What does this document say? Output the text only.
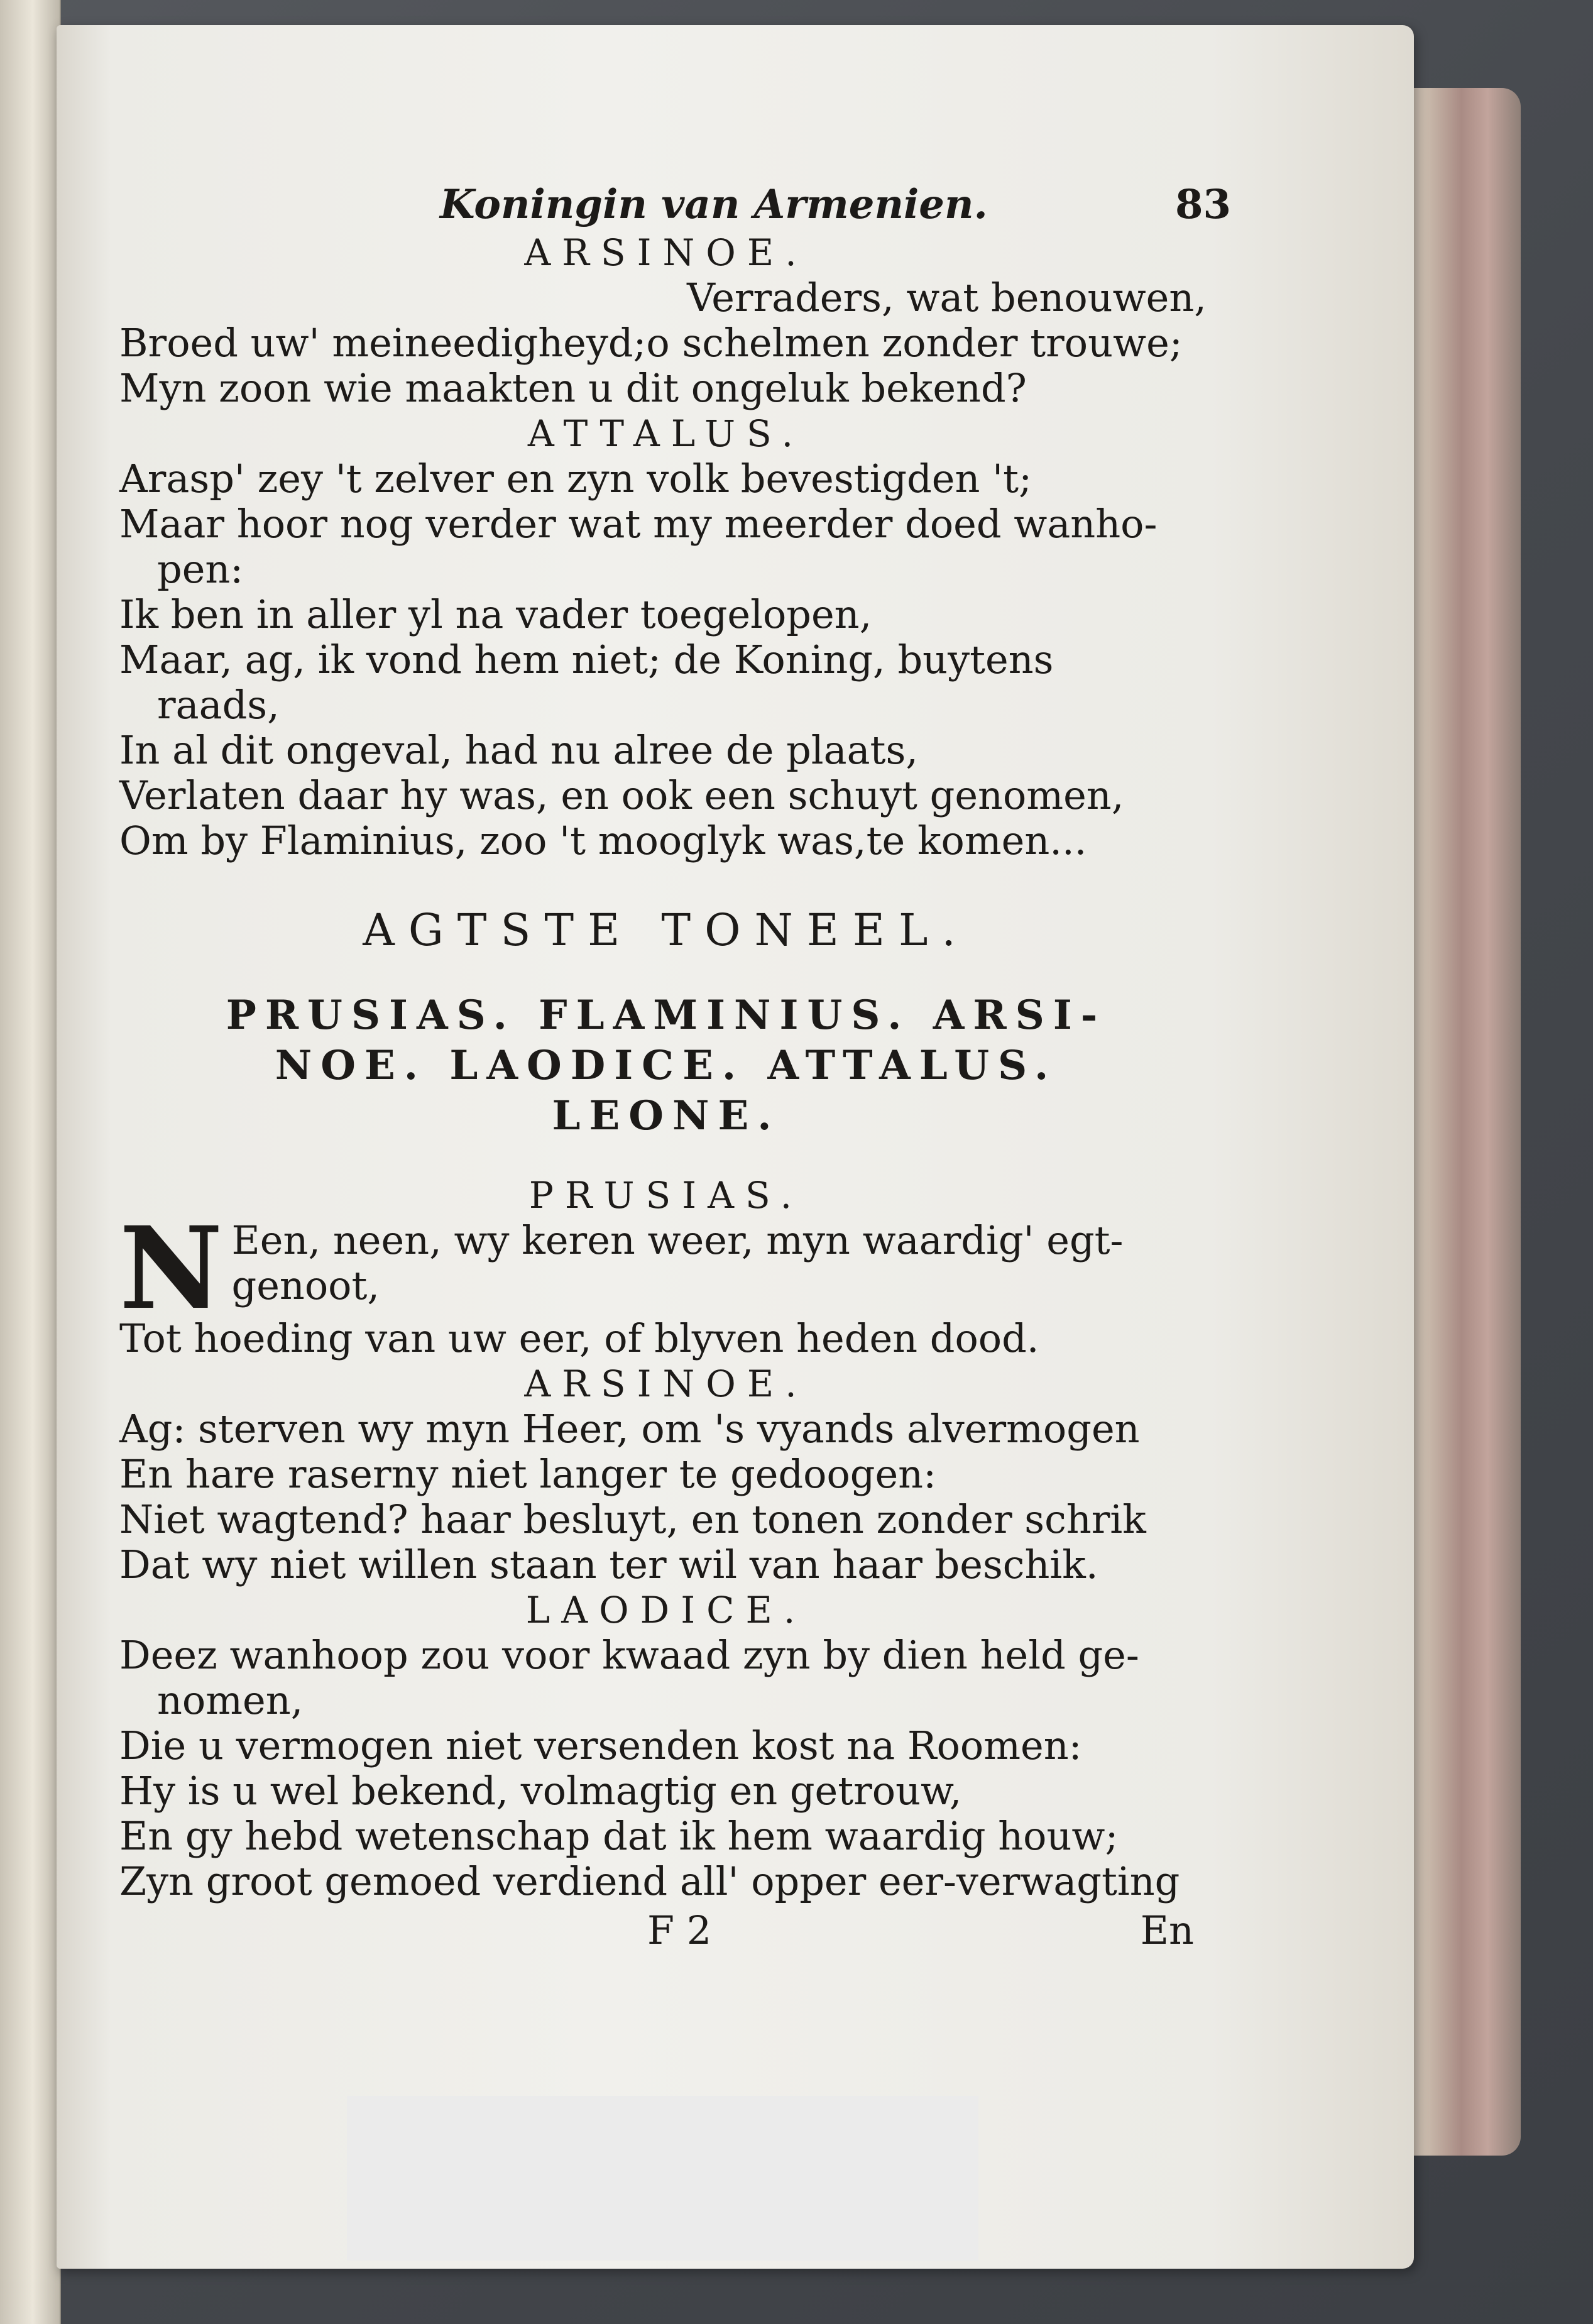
Koningin van Armenien.	83
ARSINOE.
Verraders, wat benouwen,
Broed uw' meineedigheyd;o schelmen zonder trouwe;
Myn zoon wie maakten u dit ongeluk bekend?
ATTALUS.
Arasp' zey 't zelver en zyn volk bevestigden 't;
Maar hoor nog verder wat my meerder doed wanho-
pen:
Ik ben in aller yl na vader toegelopen,
Maar, ag, ik vond hem niet; de Koning, buytens
raads,
In al dit ongeval, had nu alree de plaats,
Verlaten daar hy was, en ook een schuyt genomen,
Om by Flaminius, zoo 't mooglyk was,te komen...
AGTSTE TONEEL.
PRUSIAS. FLAMINIUS. ARSI-
NOE. LAODICE. ATTALUS.
LEONE.
PRUSIAS.
N Een, neen, wy keren weer, myn waardig' egt-
genoot,
Tot hoeding van uw eer, of blyven heden dood.
ARSINOE.
Ag: sterven wy myn Heer, om 's vyands alvermogen
En hare raserny niet langer te gedoogen:
Niet wagtend? haar besluyt, en tonen zonder schrik
Dat wy niet willen staan ter wil van haar beschik.
LAODICE.
Deez wanhoop zou voor kwaad zyn by dien held ge-
nomen,
Die u vermogen niet versenden kost na Roomen:
Hy is u wel bekend, volmagtig en getrouw,
En gy hebd wetenschap dat ik hem waardig houw;
Zyn groot gemoed verdiend all' opper eer-verwagting
F 2	En
